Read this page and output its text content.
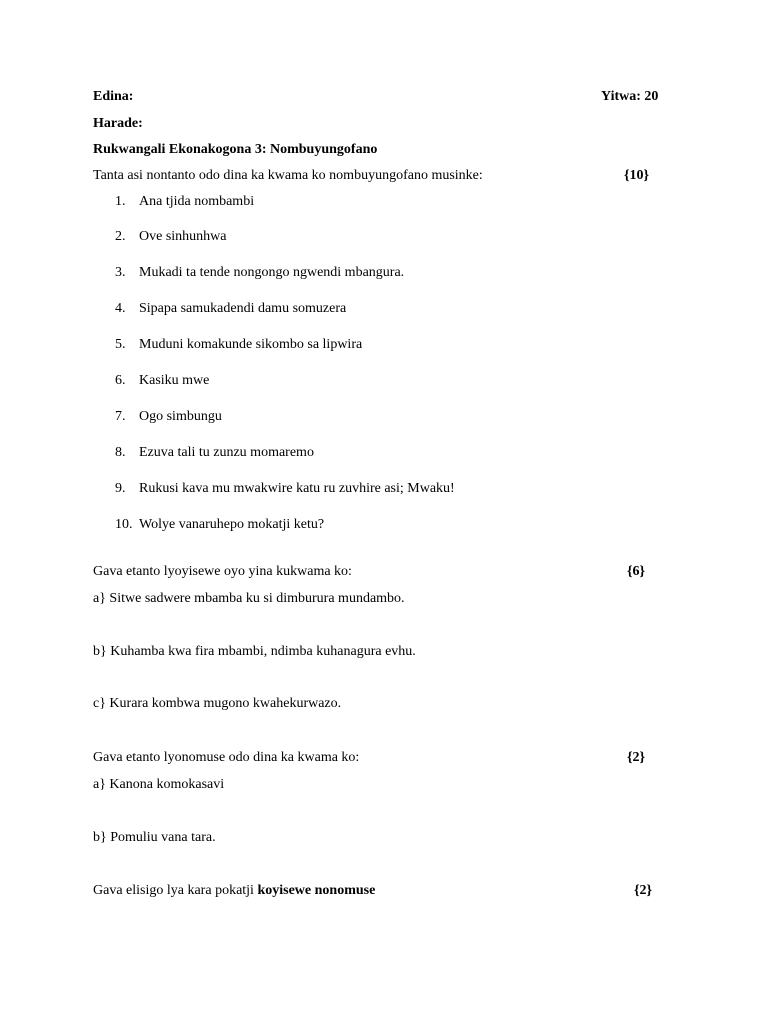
Edina:	Yitwa: 20
Harade:
Rukwangali Ekonakogona 3: Nombuyungofano
Tanta asi nontanto odo dina ka kwama ko nombuyungofano musinke:	{10}
1. Ana tjida nombambi
2. Ove sinhunhwa
3. Mukadi ta tende nongongo ngwendi mbangura.
4. Sipapa samukadendi damu somuzera
5. Muduni komakunde sikombo sa lipwira
6. Kasiku mwe
7. Ogo simbungu
8. Ezuva tali tu zunzu momaremo
9. Rukusi kava mu mwakwire katu ru zuvhire asi; Mwaku!
10. Wolye vanaruhepo mokatji ketu?
Gava etanto lyoyisewe oyo yina kukwama ko:	{6}
a} Sitwe sadwere mbamba ku si dimburura mundambo.
b} Kuhamba kwa fira mbambi, ndimba kuhanagura evhu.
c} Kurara kombwa mugono kwahekurwazo.
Gava etanto lyonomuse odo dina ka kwama ko:	{2}
a} Kanona komokasavi
b} Pomuliu vana tara.
Gava elisigo lya kara pokatji koyisewe nonomuse	{2}
